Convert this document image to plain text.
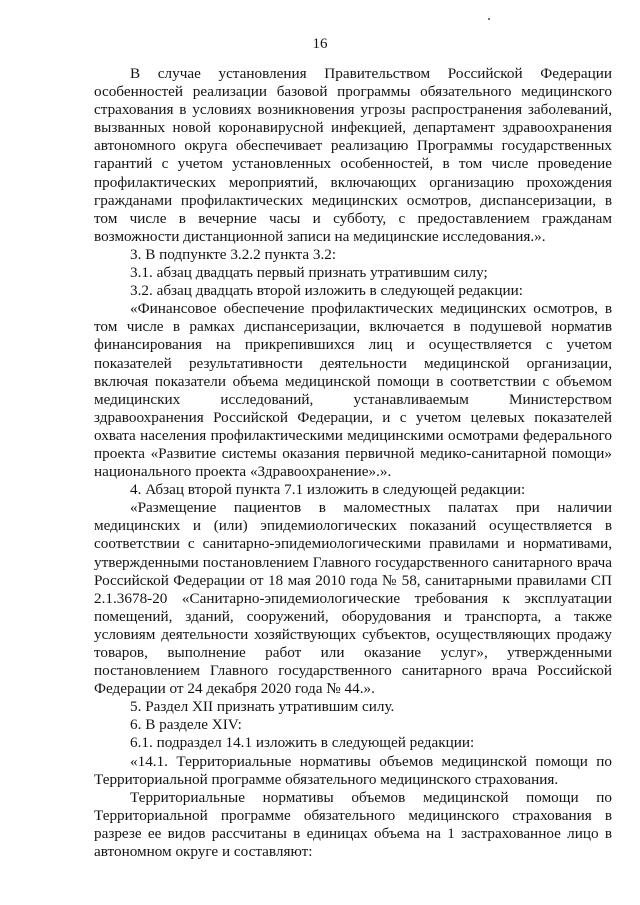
16

В случае установления Правительством Российской Федерации особенностей реализации базовой программы обязательного медицинского страхования в условиях возникновения угрозы распространения заболеваний, вызванных новой коронавирусной инфекцией, департамент здравоохранения автономного округа обеспечивает реализацию Программы государственных гарантий с учетом установленных особенностей, в том числе проведение профилактических мероприятий, включающих организацию прохождения гражданами профилактических медицинских осмотров, диспансеризации, в том числе в вечерние часы и субботу, с предоставлением гражданам возможности дистанционной записи на медицинские исследования.».

3. В подпункте 3.2.2 пункта 3.2:

3.1. абзац двадцать первый признать утратившим силу;

3.2. абзац двадцать второй изложить в следующей редакции:

«Финансовое обеспечение профилактических медицинских осмотров, в том числе в рамках диспансеризации, включается в подушевой норматив финансирования на прикрепившихся лиц и осуществляется с учетом показателей результативности деятельности медицинской организации, включая показатели объема медицинской помощи в соответствии с объемом медицинских исследований, устанавливаемым Министерством здравоохранения Российской Федерации, и с учетом целевых показателей охвата населения профилактическими медицинскими осмотрами федерального проекта «Развитие системы оказания первичной медико-санитарной помощи» национального проекта «Здравоохранение».».

4. Абзац второй пункта 7.1 изложить в следующей редакции:

«Размещение пациентов в маломестных палатах при наличии медицинских и (или) эпидемиологических показаний осуществляется в соответствии с санитарно-эпидемиологическими правилами и нормативами, утвержденными постановлением Главного государственного санитарного врача Российской Федерации от 18 мая 2010 года № 58, санитарными правилами СП 2.1.3678-20 «Санитарно-эпидемиологические требования к эксплуатации помещений, зданий, сооружений, оборудования и транспорта, а также условиям деятельности хозяйствующих субъектов, осуществляющих продажу товаров, выполнение работ или оказание услуг», утвержденными постановлением Главного государственного санитарного врача Российской Федерации от 24 декабря 2020 года № 44.».

5. Раздел XII признать утратившим силу.

6. В разделе XIV:

6.1. подраздел 14.1 изложить в следующей редакции:

«14.1. Территориальные нормативы объемов медицинской помощи по Территориальной программе обязательного медицинского страхования.

Территориальные нормативы объемов медицинской помощи по Территориальной программе обязательного медицинского страхования в разрезе ее видов рассчитаны в единицах объема на 1 застрахованное лицо в автономном округе и составляют:
